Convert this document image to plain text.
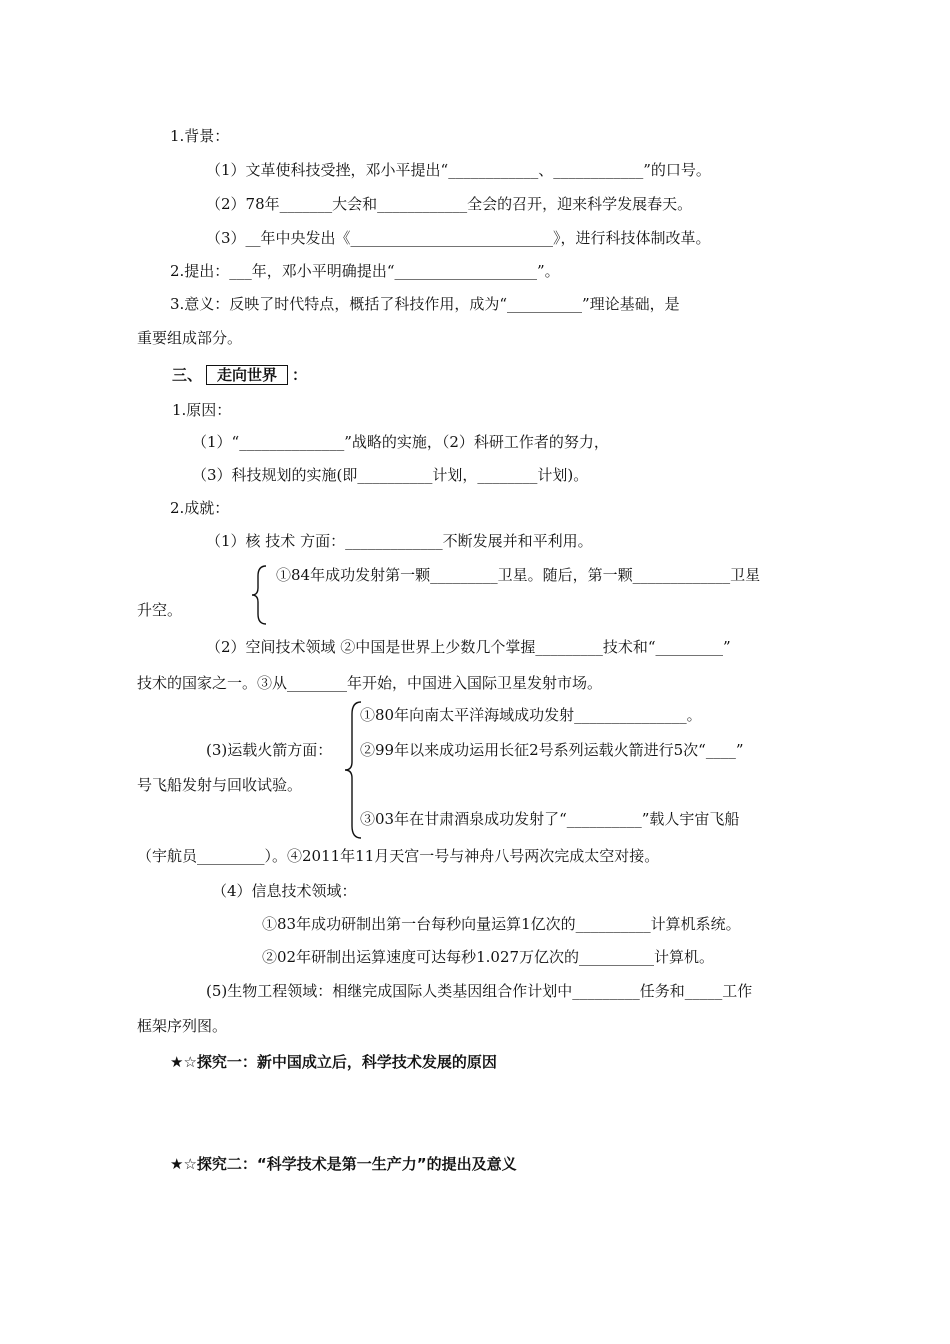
1.背景：
（1）文革使科技受挫，邓小平提出“____________、____________”的口号。
（2）78年_______大会和____________全会的召开，迎来科学发展春天。
（3）__年中央发出《___________________________》，进行科技体制改革。
2.提出：___年，邓小平明确提出“___________________”。
3.意义：反映了时代特点，概括了科技作用，成为“__________”理论基础，是
重要组成部分。
三、 走向世界 ：
1.原因：
（1）“______________”战略的实施，（2）科研工作者的努力，
（3）科技规划的实施(即__________计划，________计划)。
2.成就：
（1）核 技术 方面：_____________不断发展并和平利用。
①84年成功发射第一颗_________卫星。随后，第一颗_____________卫星
升空。
（2）空间技术领域 ②中国是世界上少数几个掌握_________技术和“_________”
技术的国家之一。③从________年开始，中国进入国际卫星发射市场。
①80年向南太平洋海域成功发射_______________。
(3)运载火箭方面： ②99年以来成功运用长征2号系列运载火箭进行5次“____”
号飞船发射与回收试验。
③03年在甘肃酒泉成功发射了“__________”载人宇宙飞船
（宇航员_________）。④2011年11月天宫一号与神舟八号两次完成太空对接。
（4）信息技术领域：
①83年成功研制出第一台每秒向量运算1亿次的__________计算机系统。
②02年研制出运算速度可达每秒1.027万亿次的__________计算机。
(5)生物工程领域：相继完成国际人类基因组合作计划中_________任务和_____工作
框架序列图。
★☆探究一：新中国成立后，科学技术发展的原因
★☆探究二：“科学技术是第一生产力”的提出及意义
